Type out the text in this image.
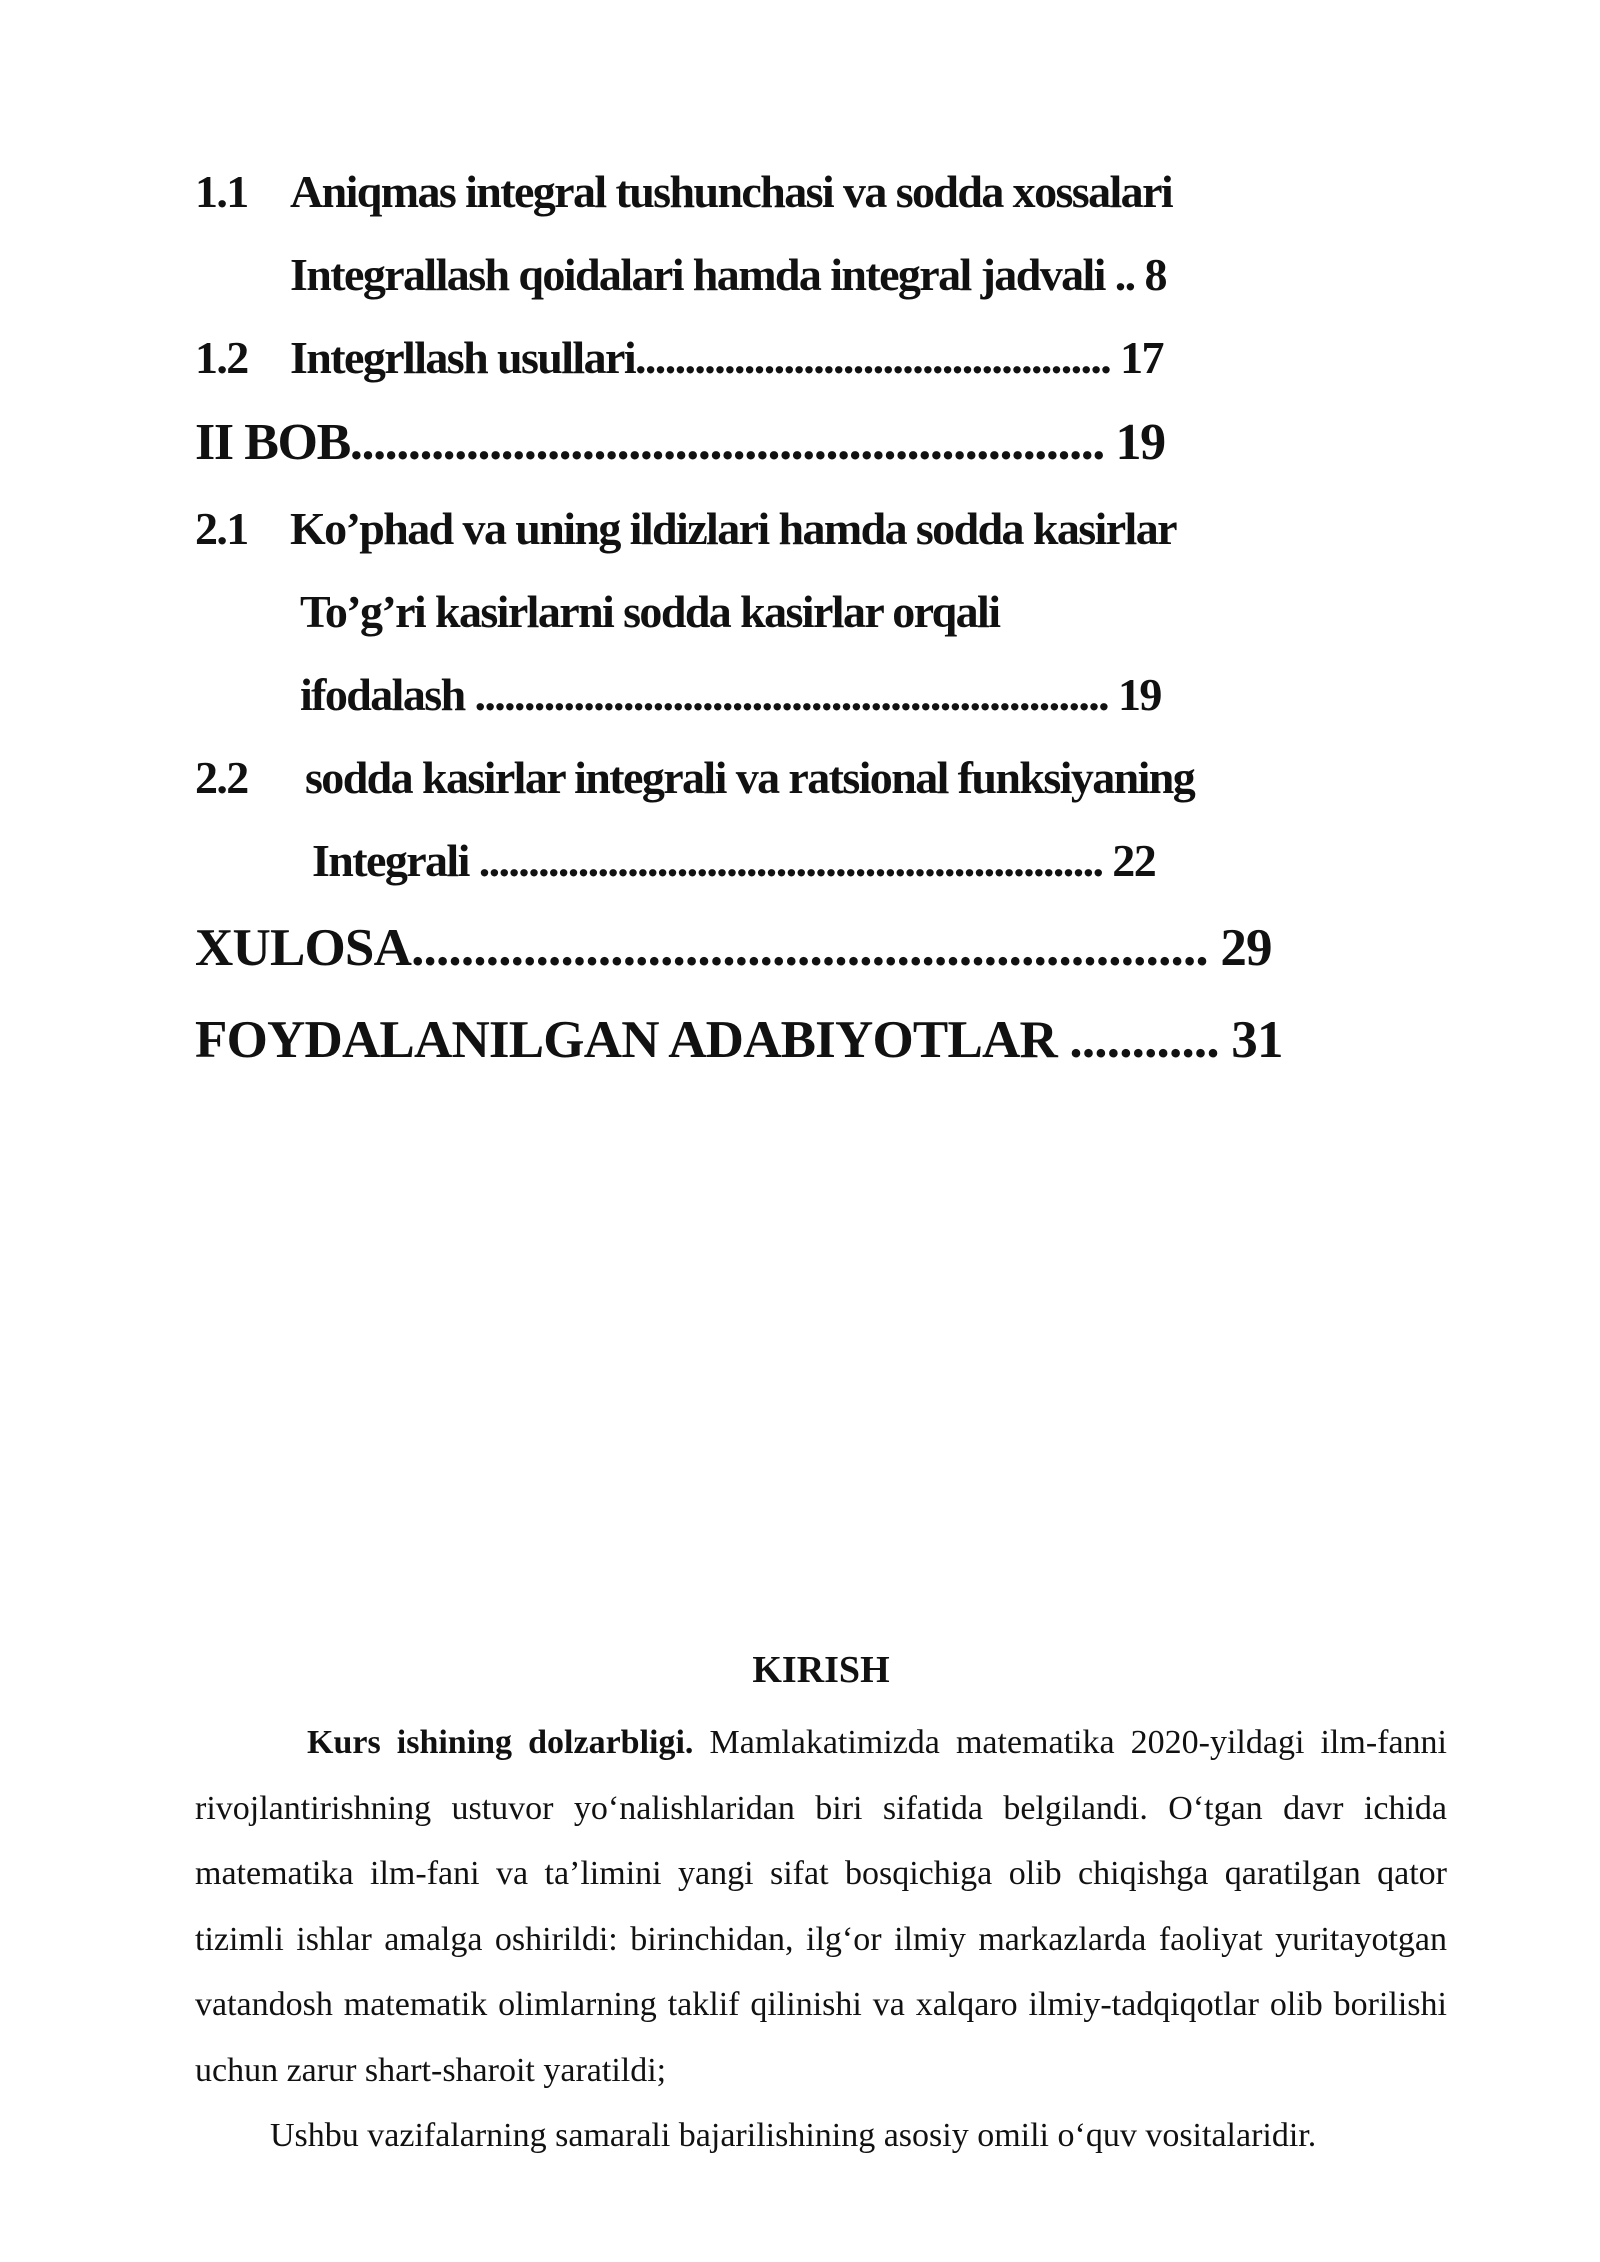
1.1 Aniqmas integral tushunchasi va sodda xossalari
Integrallash qoidalari hamda integral jadvali .. 8
1.2 Integrllash usullari................................................ 17
II BOB................................................................. 19
2.1 Ko’phad va uning ildizlari hamda sodda kasirlar
To’g’ri kasirlarni sodda kasirlar orqali
ifodalash ................................................................ 19
2.2 sodda kasirlar integrali va ratsional funksiyaning
Integrali ............................................................... 22
XULOSA................................................................ 29
FOYDALANILGAN ADABIYOTLAR ............ 31
KIRISH

Kurs ishining dolzarbligi. Mamlakatimizda matematika 2020-yildagi ilm-fanni rivojlantirishning ustuvor yo‘nalishlaridan biri sifatida belgilandi. O‘tgan davr ichida matematika ilm-fani va ta’limini yangi sifat bosqichiga olib chiqishga qaratilgan qator tizimli ishlar amalga oshirildi: birinchidan, ilg‘or ilmiy markazlarda faoliyat yuritayotgan vatandosh matematik olimlarning taklif qilinishi va xalqaro ilmiy-tadqiqotlar olib borilishi uchun zarur shart-sharoit yaratildi;

Ushbu vazifalarning samarali bajarilishining asosiy omili o‘quv vositalaridir.
